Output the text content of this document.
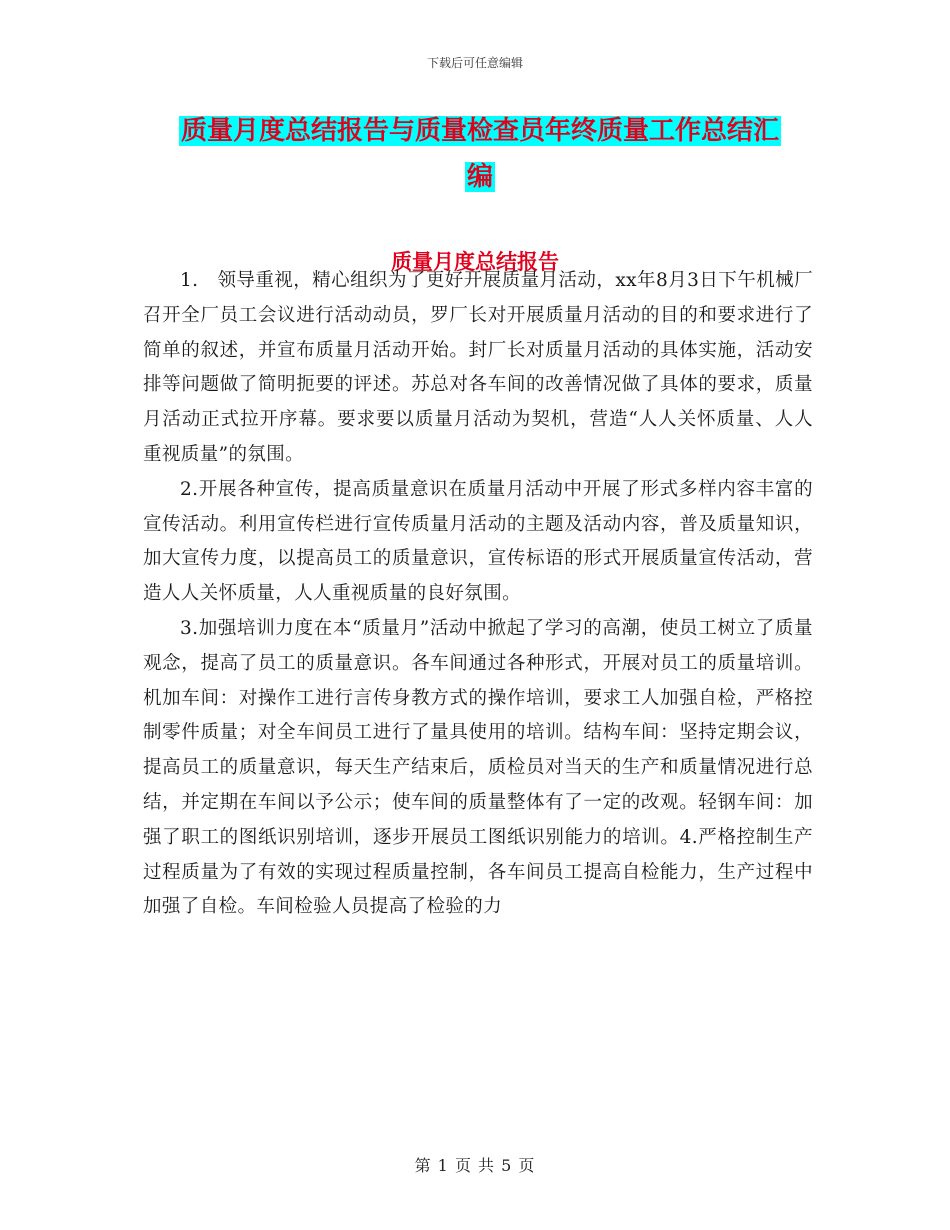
下载后可任意编辑
质量月度总结报告与质量检查员年终质量工作总结汇
编
质量月度总结报告

1.　领导重视，精心组织为了更好开展质量月活动，xx年8月3日下午机械厂召开全厂员工会议进行活动动员，罗厂长对开展质量月活动的目的和要求进行了简单的叙述，并宣布质量月活动开始。封厂长对质量月活动的具体实施，活动安排等问题做了简明扼要的评述。苏总对各车间的改善情况做了具体的要求，质量月活动正式拉开序幕。要求要以质量月活动为契机，营造“人人关怀质量、人人重视质量”的氛围。

2.开展各种宣传，提高质量意识在质量月活动中开展了形式多样内容丰富的宣传活动。利用宣传栏进行宣传质量月活动的主题及活动内容，普及质量知识，加大宣传力度，以提高员工的质量意识，宣传标语的形式开展质量宣传活动，营造人人关怀质量，人人重视质量的良好氛围。

3.加强培训力度在本“质量月”活动中掀起了学习的高潮，使员工树立了质量观念，提高了员工的质量意识。各车间通过各种形式，开展对员工的质量培训。机加车间：对操作工进行言传身教方式的操作培训，要求工人加强自检，严格控制零件质量；对全车间员工进行了量具使用的培训。结构车间：坚持定期会议，提高员工的质量意识，每天生产结束后，质检员对当天的生产和质量情况进行总结，并定期在车间以予公示；使车间的质量整体有了一定的改观。轻钢车间：加强了职工的图纸识别培训，逐步开展员工图纸识别能力的培训。4.严格控制生产过程质量为了有效的实现过程质量控制，各车间员工提高自检能力，生产过程中加强了自检。车间检验人员提高了检验的力

第 1 页 共 5 页
